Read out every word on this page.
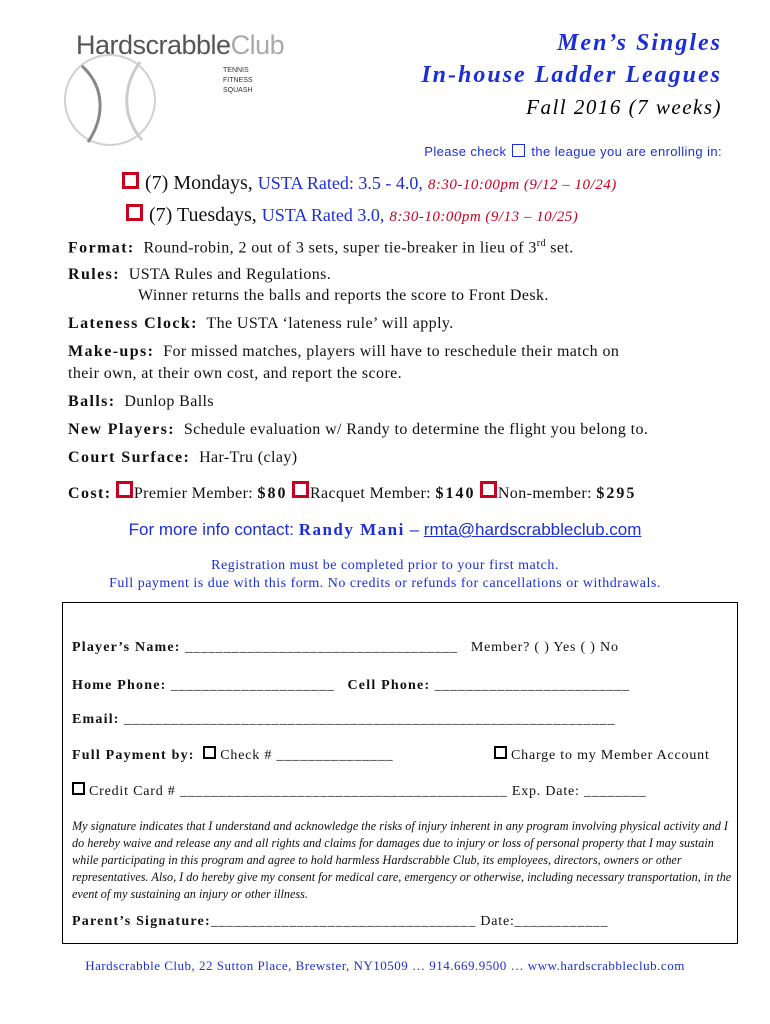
HardscrabbleClub
TENNIS
FITNESS
SQUASH
Men’s Singles
In-house Ladder Leagues
Fall 2016 (7 weeks)
Please check the league you are enrolling in:
(7) Mondays, USTA Rated: 3.5 - 4.0, 8:30-10:00pm (9/12 – 10/24)
(7) Tuesdays, USTA Rated 3.0, 8:30-10:00pm (9/13 – 10/25)
Format: Round-robin, 2 out of 3 sets, super tie-breaker in lieu of 3rd set.
Rules: USTA Rules and Regulations.
Winner returns the balls and reports the score to Front Desk.
Lateness Clock: The USTA ‘lateness rule’ will apply.
Make-ups: For missed matches, players will have to reschedule their match on
their own, at their own cost, and report the score.
Balls: Dunlop Balls
New Players: Schedule evaluation w/ Randy to determine the flight you belong to.
Court Surface: Har-Tru (clay)
Cost: Premier Member: $80 Racquet Member: $140 Non-member: $295
For more info contact: Randy Mani – rmta@hardscrabbleclub.com
Registration must be completed prior to your first match.
Full payment is due with this form. No credits or refunds for cancellations or withdrawals.
Player’s Name: ___________________________________ Member? ( ) Yes ( ) No
Home Phone: _____________________ Cell Phone: _________________________
Email: _______________________________________________________________
Full Payment by: Check # _______________	Charge to my Member Account
Credit Card # __________________________________________ Exp. Date: ________
My signature indicates that I understand and acknowledge the risks of injury inherent in any program involving physical activity and I do hereby waive and release any and all rights and claims for damages due to injury or loss of personal property that I may sustain while participating in this program and agree to hold harmless Hardscrabble Club, its employees, directors, owners or other representatives. Also, I do hereby give my consent for medical care, emergency or otherwise, including necessary transportation, in the event of my sustaining an injury or other illness.
Parent’s Signature:__________________________________ Date:____________
Hardscrabble Club, 22 Sutton Place, Brewster, NY10509 … 914.669.9500 … www.hardscrabbleclub.com
